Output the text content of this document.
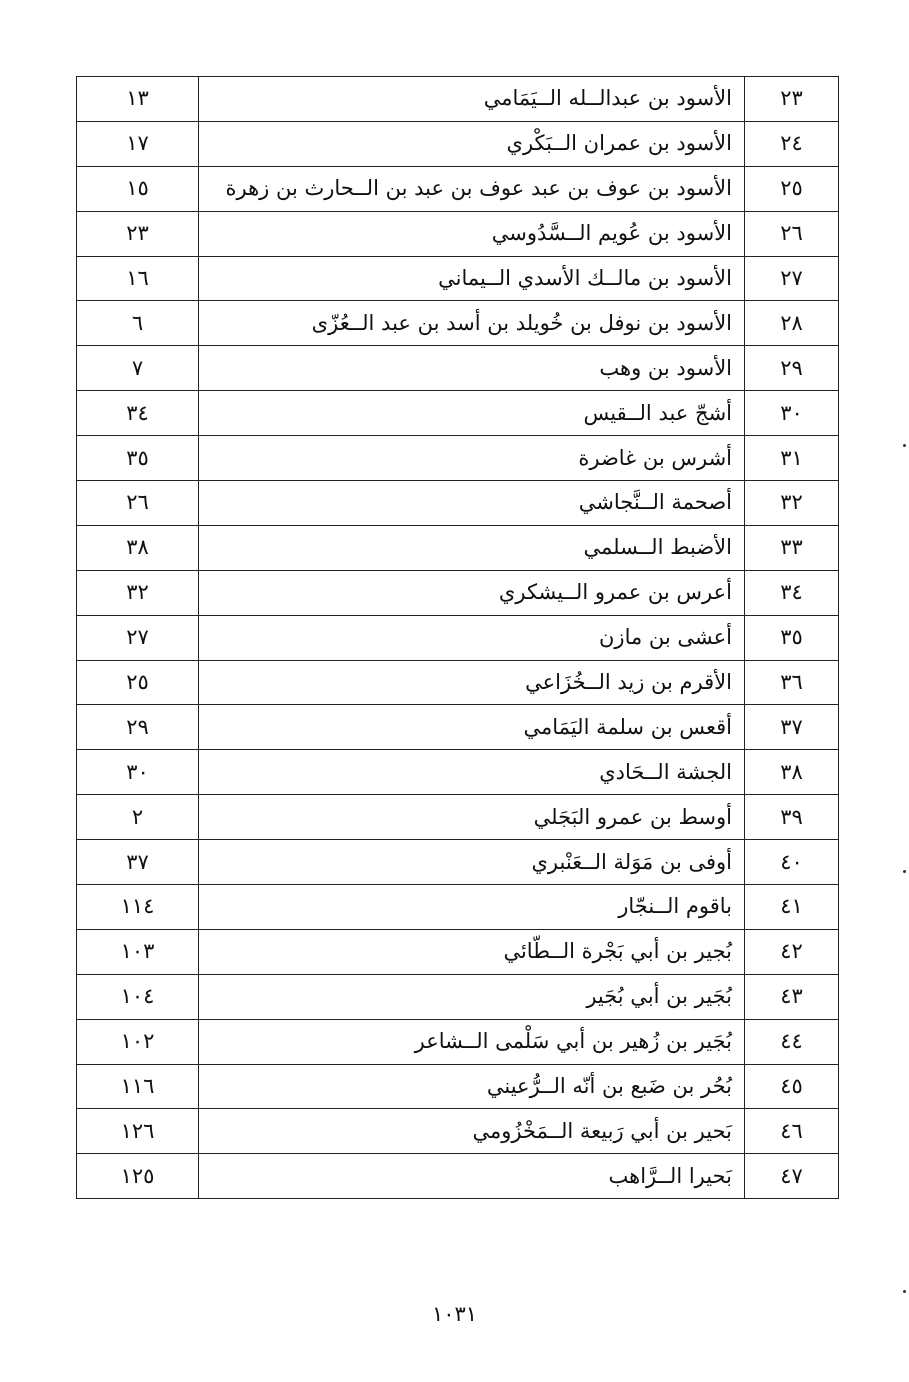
٢٣	الأسود بن عبدالــله الــيَمَامي	١٣
٢٤	الأسود بن عمران الــبَكْري	١٧
٢٥	الأسود بن عوف بن عبد عوف بن عبد بن الــحارث بن زهرة	١٥
٢٦	الأسود بن عُويم الــسَّدُوسي	٢٣
٢٧	الأسود بن مالــك الأسدي الــيماني	١٦
٢٨	الأسود بن نوفل بن خُويلد بن أسد بن عبد الــعُزّى	٦
٢٩	الأسود بن وهب	٧
٣٠	أشجّ عبد الــقيس	٣٤
٣١	أشرس بن غاضرة	٣٥
٣٢	أصحمة الــنَّجاشي	٢٦
٣٣	الأضبط الــسلمي	٣٨
٣٤	أعرس بن عمرو الــيشكري	٣٢
٣٥	أعشى بن مازن	٢٧
٣٦	الأقرم بن زيد الــخُزَاعي	٢٥
٣٧	أقعس بن سلمة اليَمَامي	٢٩
٣٨	الجشة الــحَادي	٣٠
٣٩	أوسط بن عمرو البَجَلي	٢
٤٠	أوفى بن مَوَلة الــعَنْبري	٣٧
٤١	باقوم الــنجّار	١١٤
٤٢	بُجير بن أبي بَجْرة الــطّائي	١٠٣
٤٣	بُجَير بن أبي بُجَير	١٠٤
٤٤	بُجَير بن زُهير بن أبي سَلْمى الــشاعر	١٠٢
٤٥	بُحُر بن ضَبع بن أنّه الــرُّعيني	١١٦
٤٦	بَحير بن أبي رَبيعة الــمَخْزُومي	١٢٦
٤٧	بَحيرا الــرَّاهب	١٢٥
١٠٣١
